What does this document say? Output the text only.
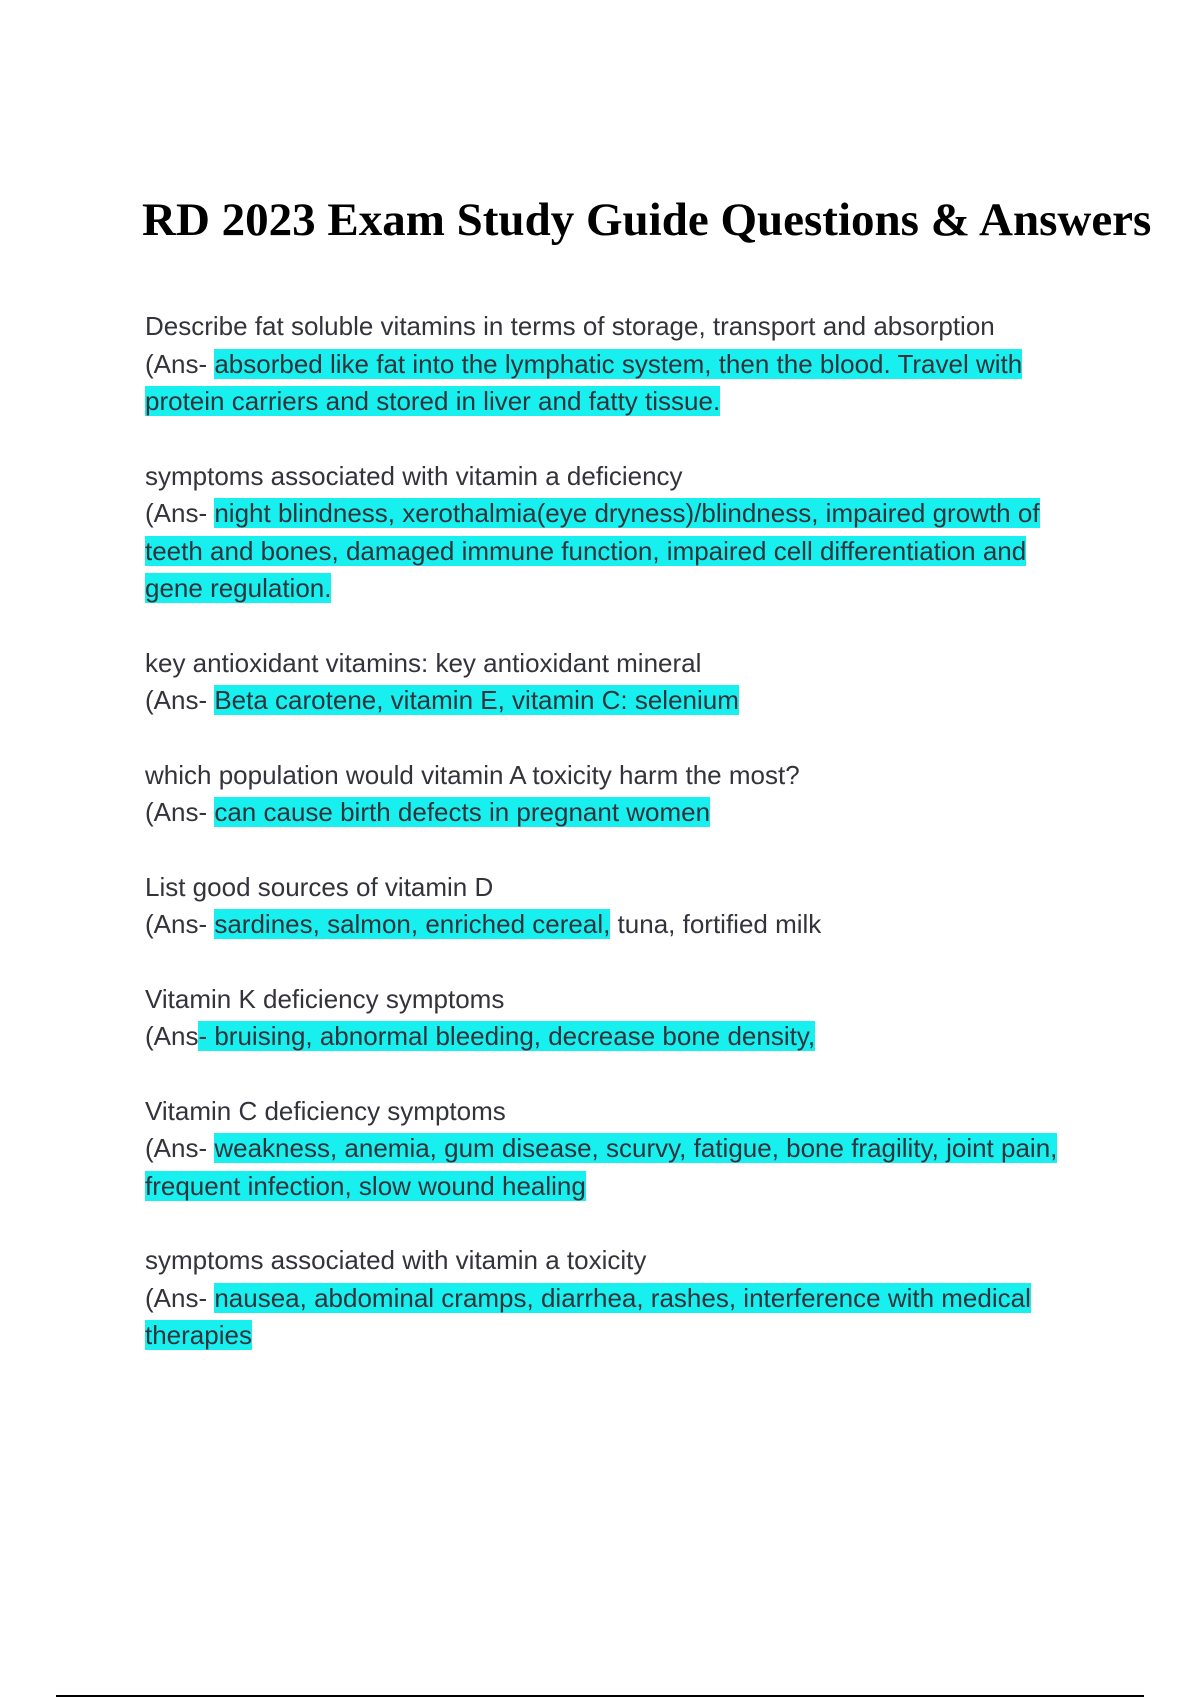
RD 2023 Exam Study Guide Questions & Answers

Describe fat soluble vitamins in terms of storage, transport and absorption

(Ans- absorbed like fat into the lymphatic system, then the blood. Travel with protein carriers and stored in liver and fatty tissue.

symptoms associated with vitamin a deficiency

(Ans- night blindness, xerothalmia(eye dryness)/blindness, impaired growth of teeth and bones, damaged immune function, impaired cell differentiation and gene regulation.

key antioxidant vitamins: key antioxidant mineral

(Ans- Beta carotene, vitamin E, vitamin C: selenium

which population would vitamin A toxicity harm the most?

(Ans- can cause birth defects in pregnant women

List good sources of vitamin D

(Ans- sardines, salmon, enriched cereal, tuna, fortified milk

Vitamin K deficiency symptoms

(Ans- bruising, abnormal bleeding, decrease bone density,

Vitamin C deficiency symptoms

(Ans- weakness, anemia, gum disease, scurvy, fatigue, bone fragility, joint pain, frequent infection, slow wound healing

symptoms associated with vitamin a toxicity

(Ans- nausea, abdominal cramps, diarrhea, rashes, interference with medical therapies
